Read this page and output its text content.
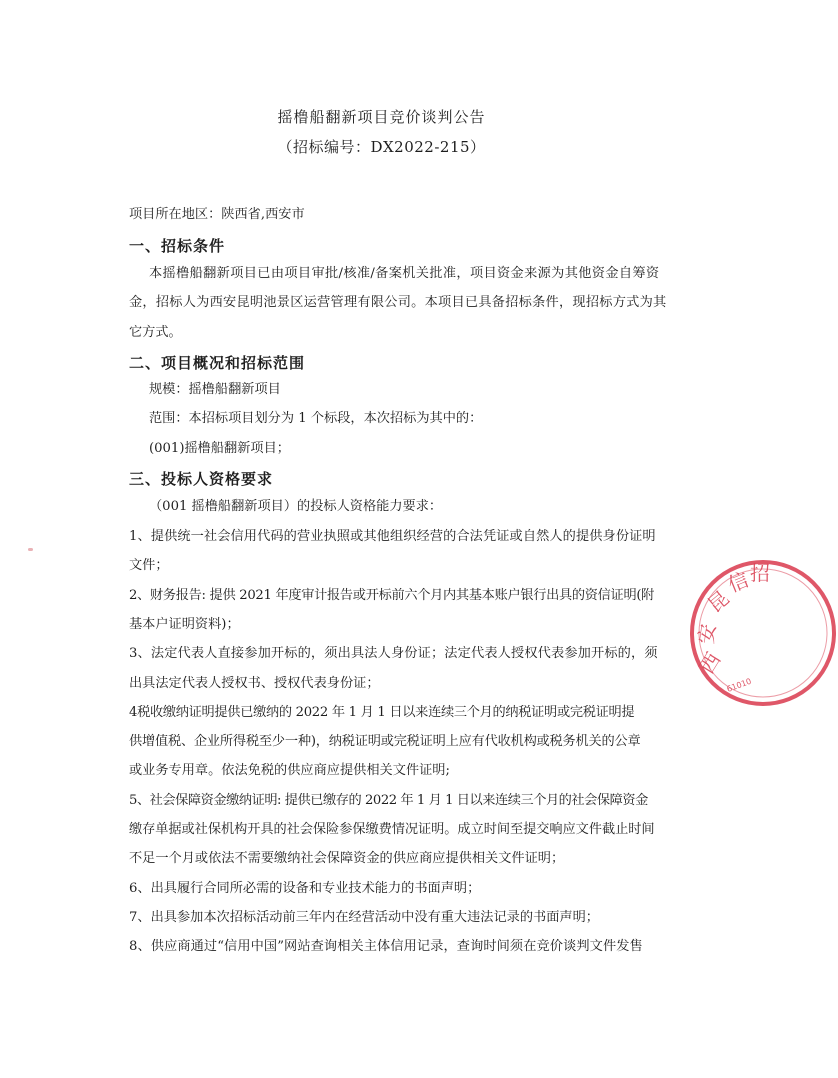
摇橹船翻新项目竞价谈判公告
（招标编号：DX2022-215）
项目所在地区：陕西省,西安市
一、招标条件
本摇橹船翻新项目已由项目审批/核准/备案机关批准，项目资金来源为其他资金自筹资
金，招标人为西安昆明池景区运营管理有限公司。本项目已具备招标条件，现招标方式为其
它方式。
二、项目概况和招标范围
规模：摇橹船翻新项目
范围：本招标项目划分为 1 个标段，本次招标为其中的：
(001)摇橹船翻新项目；
三、投标人资格要求
（001 摇橹船翻新项目）的投标人资格能力要求：
1、提供统一社会信用代码的营业执照或其他组织经营的合法凭证或自然人的提供身份证明
文件；
2、财务报告: 提供 2021 年度审计报告或开标前六个月内其基本账户银行出具的资信证明(附
基本户证明资料)；
3、法定代表人直接参加开标的，须出具法人身份证；法定代表人授权代表参加开标的，须
出具法定代表人授权书、授权代表身份证；
4税收缴纳证明提供已缴纳的 2022 年 1 月 1 日以来连续三个月的纳税证明或完税证明提
供增值税、企业所得税至少一种)，纳税证明或完税证明上应有代收机构或税务机关的公章
或业务专用章。依法免税的供应商应提供相关文件证明;
5、社会保障资金缴纳证明: 提供已缴存的 2022 年 1 月 1 日以来连续三个月的社会保障资金
缴存单据或社保机构开具的社会保险参保缴费情况证明。成立时间至提交响应文件截止时间
不足一个月或依法不需要缴纳社会保障资金的供应商应提供相关文件证明；
6、出具履行合同所必需的设备和专业技术能力的书面声明；
7、出具参加本次招标活动前三年内在经营活动中没有重大违法记录的书面声明；
8、供应商通过“信用中国”网站查询相关主体信用记录，查询时间须在竞价谈判文件发售
西
安
昆
信
招
61010
